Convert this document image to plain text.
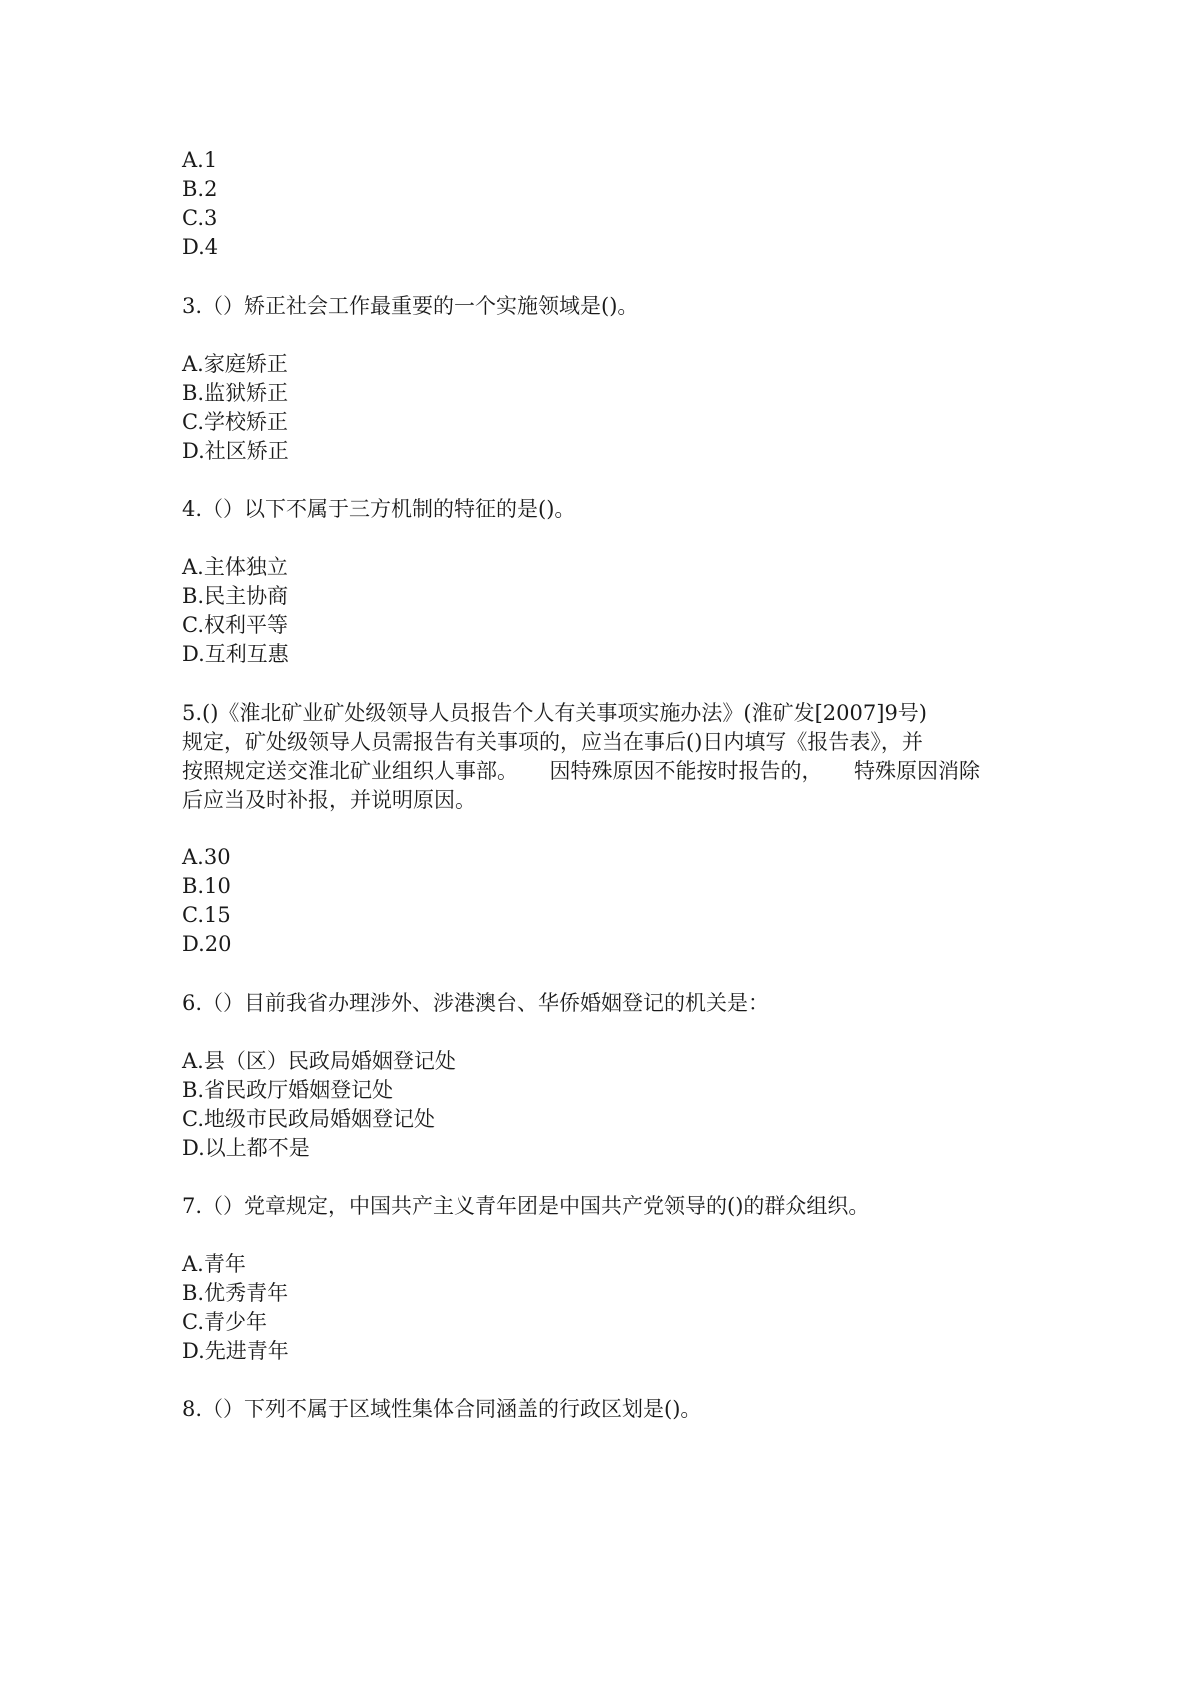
A.1
B.2
C.3
D.4
3.（）矫正社会工作最重要的一个实施领域是()。
A.家庭矫正
B.监狱矫正
C.学校矫正
D.社区矫正
4.（）以下不属于三方机制的特征的是()。
A.主体独立
B.民主协商
C.权利平等
D.互利互惠
5.()《淮北矿业矿处级领导人员报告个人有关事项实施办法》(淮矿发[2007]9号)
规定，矿处级领导人员需报告有关事项的，应当在事后()日内填写《报告表》，并
按照规定送交淮北矿业组织人事部。　　因特殊原因不能按时报告的，　　特殊原因消除
后应当及时补报，并说明原因。
A.30
B.10
C.15
D.20
6.（）目前我省办理涉外、涉港澳台、华侨婚姻登记的机关是：
A.县（区）民政局婚姻登记处
B.省民政厅婚姻登记处
C.地级市民政局婚姻登记处
D.以上都不是
7.（）党章规定，中国共产主义青年团是中国共产党领导的()的群众组织。
A.青年
B.优秀青年
C.青少年
D.先进青年
8.（）下列不属于区域性集体合同涵盖的行政区划是()。
